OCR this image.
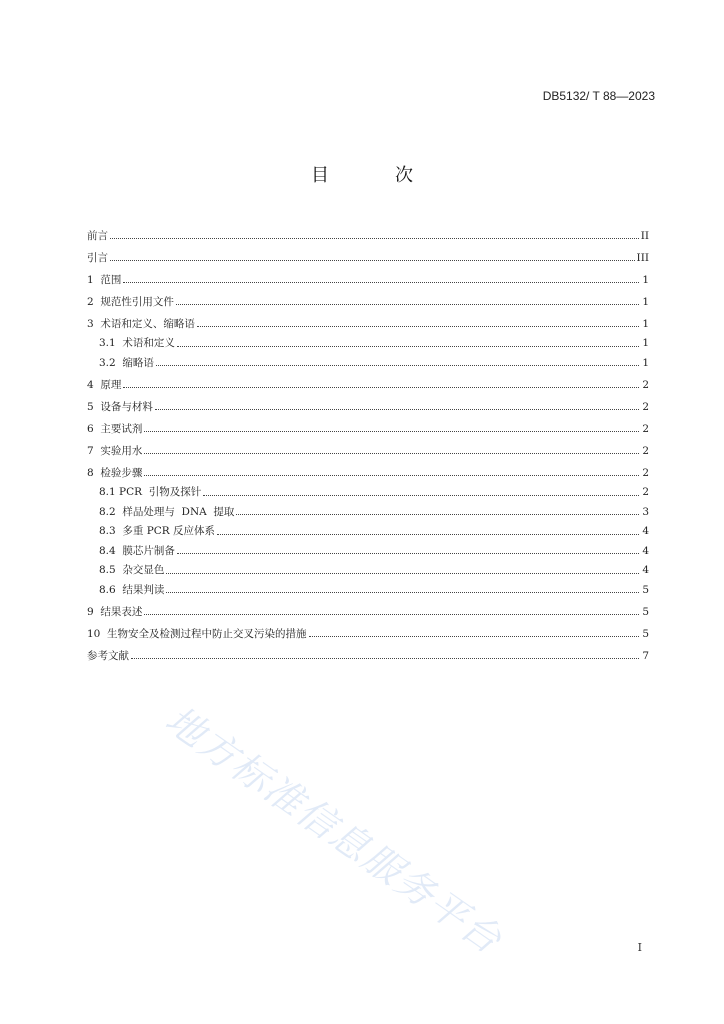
DB5132/ T 88—2023
目　次
前言	II
引言	III
1  范围	1
2  规范性引用文件	1
3  术语和定义、缩略语	1
3.1  术语和定义	1
3.2  缩略语	1
4  原理	2
5  设备与材料	2
6  主要试剂	2
7  实验用水	2
8  检验步骤	2
8.1 PCR  引物及探针	2
8.2  样品处理与  DNA  提取	3
8.3  多重 PCR 反应体系	4
8.4  膜芯片制备	4
8.5  杂交显色	4
8.6  结果判读	5
9  结果表述	5
10  生物安全及检测过程中防止交叉污染的措施	5
参考文献	7
地方标准信息服务平台	I
